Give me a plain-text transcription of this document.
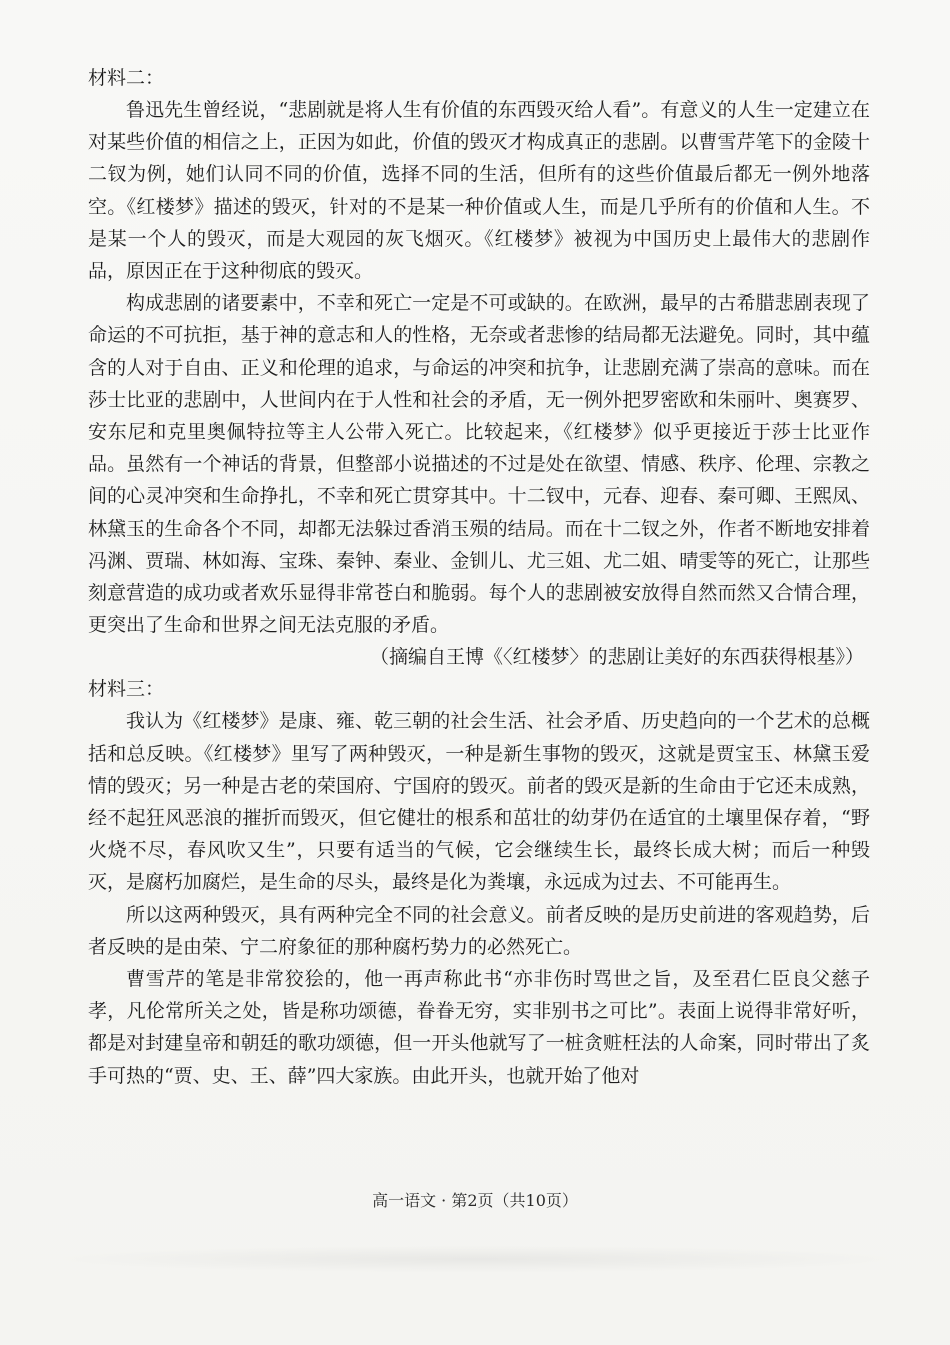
材料二：

鲁迅先生曾经说，“悲剧就是将人生有价值的东西毁灭给人看”。有意义的人生一定建立在对某些价值的相信之上，正因为如此，价值的毁灭才构成真正的悲剧。以曹雪芹笔下的金陵十二钗为例，她们认同不同的价值，选择不同的生活，但所有的这些价值最后都无一例外地落空。《红楼梦》描述的毁灭，针对的不是某一种价值或人生，而是几乎所有的价值和人生。不是某一个人的毁灭，而是大观园的灰飞烟灭。《红楼梦》被视为中国历史上最伟大的悲剧作品，原因正在于这种彻底的毁灭。

构成悲剧的诸要素中，不幸和死亡一定是不可或缺的。在欧洲，最早的古希腊悲剧表现了命运的不可抗拒，基于神的意志和人的性格，无奈或者悲惨的结局都无法避免。同时，其中蕴含的人对于自由、正义和伦理的追求，与命运的冲突和抗争，让悲剧充满了崇高的意味。而在莎士比亚的悲剧中，人世间内在于人性和社会的矛盾，无一例外把罗密欧和朱丽叶、奥赛罗、安东尼和克里奥佩特拉等主人公带入死亡。比较起来，《红楼梦》似乎更接近于莎士比亚作品。虽然有一个神话的背景，但整部小说描述的不过是处在欲望、情感、秩序、伦理、宗教之间的心灵冲突和生命挣扎，不幸和死亡贯穿其中。十二钗中，元春、迎春、秦可卿、王熙凤、林黛玉的生命各个不同，却都无法躲过香消玉殒的结局。而在十二钗之外，作者不断地安排着冯渊、贾瑞、林如海、宝珠、秦钟、秦业、金钏儿、尤三姐、尤二姐、晴雯等的死亡，让那些刻意营造的成功或者欢乐显得非常苍白和脆弱。每个人的悲剧被安放得自然而然又合情合理，更突出了生命和世界之间无法克服的矛盾。

（摘编自王博《〈红楼梦〉的悲剧让美好的东西获得根基》）

材料三：

我认为《红楼梦》是康、雍、乾三朝的社会生活、社会矛盾、历史趋向的一个艺术的总概括和总反映。《红楼梦》里写了两种毁灭，一种是新生事物的毁灭，这就是贾宝玉、林黛玉爱情的毁灭；另一种是古老的荣国府、宁国府的毁灭。前者的毁灭是新的生命由于它还未成熟，经不起狂风恶浪的摧折而毁灭，但它健壮的根系和茁壮的幼芽仍在适宜的土壤里保存着，“野火烧不尽，春风吹又生”，只要有适当的气候，它会继续生长，最终长成大树；而后一种毁灭，是腐朽加腐烂，是生命的尽头，最终是化为粪壤，永远成为过去、不可能再生。

所以这两种毁灭，具有两种完全不同的社会意义。前者反映的是历史前进的客观趋势，后者反映的是由荣、宁二府象征的那种腐朽势力的必然死亡。

曹雪芹的笔是非常狡狯的，他一再声称此书“亦非伤时骂世之旨，及至君仁臣良父慈子孝，凡伦常所关之处，皆是称功颂德，眷眷无穷，实非别书之可比”。表面上说得非常好听，都是对封建皇帝和朝廷的歌功颂德，但一开头他就写了一桩贪赃枉法的人命案，同时带出了炙手可热的“贾、史、王、薛”四大家族。由此开头，也就开始了他对

高一语文 · 第2页（共10页）
